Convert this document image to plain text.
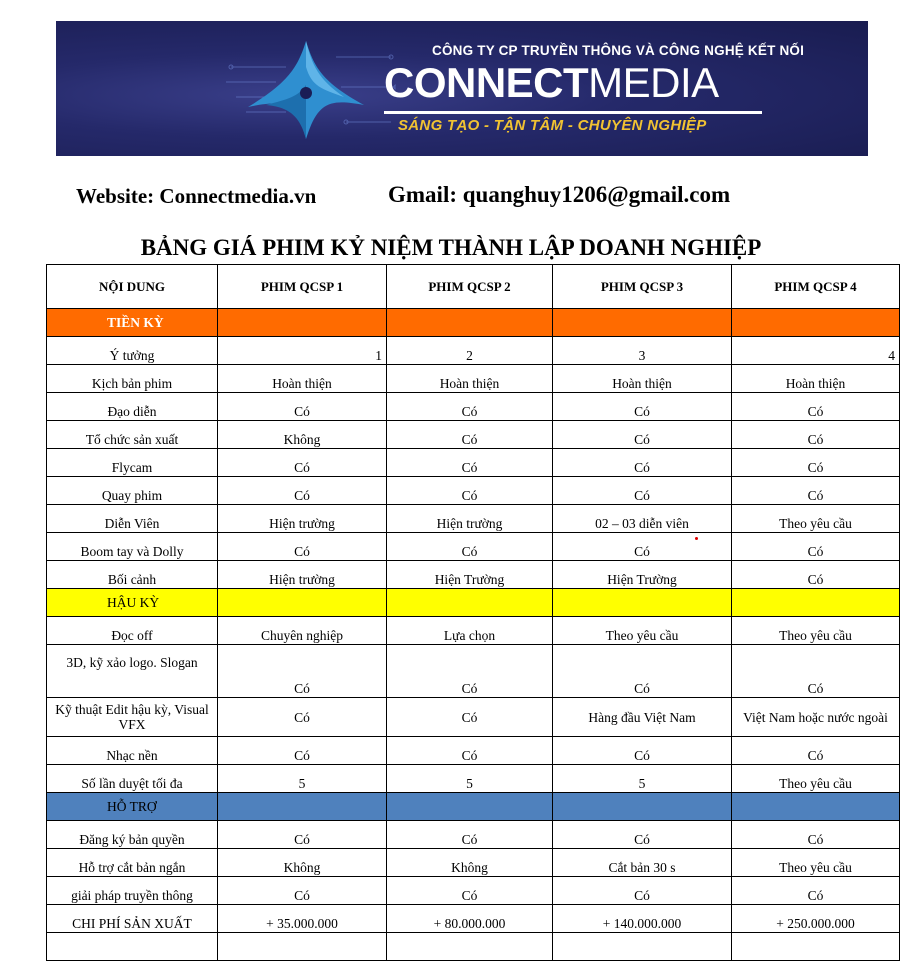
CÔNG TY CP TRUYỀN THÔNG VÀ CÔNG NGHỆ KẾT NỐI
CONNECTMEDIA
SÁNG TẠO - TẬN TÂM - CHUYÊN NGHIỆP
Website: Connectmedia.vn	Gmail: quanghuy1206@gmail.com
BẢNG GIÁ PHIM KỶ NIỆM THÀNH LẬP DOANH NGHIỆP
NỘI DUNG	PHIM QCSP 1	PHIM QCSP 2	PHIM QCSP 3	PHIM QCSP 4
TIỀN KỲ				
Ý tưởng	1	2	3	4
Kịch bản phim	Hoàn thiện	Hoàn thiện	Hoàn thiện	Hoàn thiện
Đạo diễn	Có	Có	Có	Có
Tổ chức sản xuất	Không	Có	Có	Có
Flycam	Có	Có	Có	Có
Quay phim	Có	Có	Có	Có
Diễn Viên	Hiện trường	Hiện trường	02 – 03 diễn viên	Theo yêu cầu
Boom tay và Dolly	Có	Có	Có	Có
Bối cảnh	Hiện trường	Hiện Trường	Hiện Trường	Có
HẬU KỲ				
Đọc off	Chuyên nghiệp	Lựa chọn	Theo yêu cầu	Theo yêu cầu
3D, kỹ xảo logo. Slogan	Có	Có	Có	Có
Kỹ thuật Edit hậu kỳ, Visual VFX	Có	Có	Hàng đầu Việt Nam	Việt Nam hoặc nước ngoài
Nhạc nền	Có	Có	Có	Có
Số lần duyệt tối đa	5	5	5	Theo yêu cầu
HỖ TRỢ				
Đăng ký bản quyền	Có	Có	Có	Có
Hỗ trợ cắt bản ngắn	Không	Không	Cắt bản 30 s	Theo yêu cầu
giải pháp truyền thông	Có	Có	Có	Có
CHI PHÍ SẢN XUẤT	+ 35.000.000	+ 80.000.000	+ 140.000.000	+ 250.000.000
